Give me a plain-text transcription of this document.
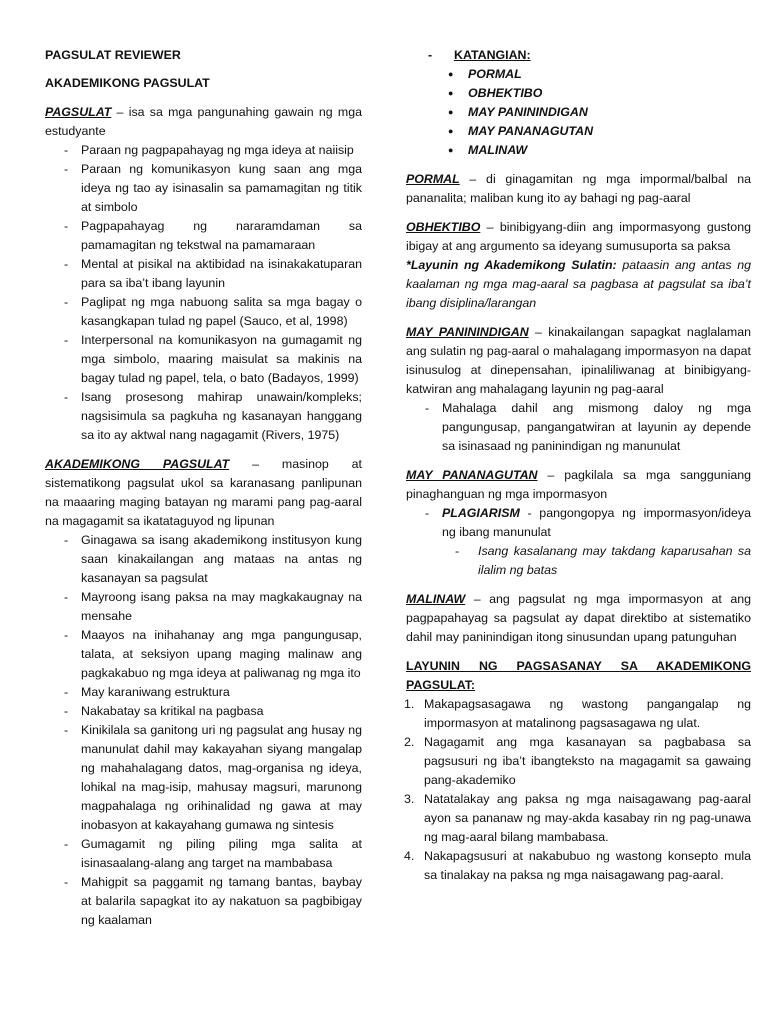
PAGSULAT REVIEWER

AKADEMIKONG PAGSULAT

PAGSULAT – isa sa mga pangunahing gawain ng mga estudyante

- Paraan ng pagpapahayag ng mga ideya at naiisip
- Paraan ng komunikasyon kung saan ang mga ideya ng tao ay isinasalin sa pamamagitan ng titik at simbolo
- Pagpapahayag ng nararamdaman sa pamamagitan ng tekstwal na pamamaraan
- Mental at pisikal na aktibidad na isinakakatuparan para sa iba’t ibang layunin
- Paglipat ng mga nabuong salita sa mga bagay o kasangkapan tulad ng papel (Sauco, et al, 1998)
- Interpersonal na komunikasyon na gumagamit ng mga simbolo, maaring maisulat sa makinis na bagay tulad ng papel, tela, o bato (Badayos, 1999)
- Isang prosesong mahirap unawain/kompleks; nagsisimula sa pagkuha ng kasanayan hanggang sa ito ay aktwal nang nagagamit (Rivers, 1975)

AKADEMIKONG PAGSULAT – masinop at sistematikong pagsulat ukol sa karanasang panlipunan na maaaring maging batayan ng marami pang pag-aaral na magagamit sa ikatataguyod ng lipunan

- Ginagawa sa isang akademikong institusyon kung saan kinakailangan ang mataas na antas ng kasanayan sa pagsulat
- Mayroong isang paksa na may magkakaugnay na mensahe
- Maayos na inihahanay ang mga pangungusap, talata, at seksiyon upang maging malinaw ang pagkakabuo ng mga ideya at paliwanag ng mga ito
- May karaniwang estruktura
- Nakabatay sa kritikal na pagbasa
- Kinikilala sa ganitong uri ng pagsulat ang husay ng manunulat dahil may kakayahan siyang mangalap ng mahahalagang datos, mag-organisa ng ideya, lohikal na mag-isip, mahusay magsuri, marunong magpahalaga ng orihinalidad ng gawa at may inobasyon at kakayahang gumawa ng sintesis
- Gumagamit ng piling piling mga salita at isinasaalang-alang ang target na mambabasa
- Mahigpit sa paggamit ng tamang bantas, baybay at balarila sapagkat ito ay nakatuon sa pagbibigay ng kaalaman

- KATANGIAN:

● PORMAL
● OBHEKTIBO
● MAY PANININDIGAN
● MAY PANANAGUTAN
● MALINAW

PORMAL – di ginagamitan ng mga impormal/balbal na pananalita; maliban kung ito ay bahagi ng pag-aaral

OBHEKTIBO – binibigyang-diin ang impormasyong gustong ibigay at ang argumento sa ideyang sumusuporta sa paksa

*Layunin ng Akademikong Sulatin: pataasin ang antas ng kaalaman ng mga mag-aaral sa pagbasa at pagsulat sa iba’t ibang disiplina/larangan

MAY PANININDIGAN – kinakailangan sapagkat naglalaman ang sulatin ng pag-aaral o mahalagang impormasyon na dapat isinusulog at dinepensahan, ipinaliliwanag at binibigyang-katwiran ang mahalagang layunin ng pag-aaral

- Mahalaga dahil ang mismong daloy ng mga pangungusap, pangangatwiran at layunin ay depende sa isinasaad ng paninindigan ng manunulat

MAY PANANAGUTAN – pagkilala sa mga sangguniang pinaghanguan ng mga impormasyon

- PLAGIARISM - pangongopya ng impormasyon/ideya ng ibang manunulat

- Isang kasalanang may takdang kaparusahan sa ilalim ng batas

MALINAW – ang pagsulat ng mga impormasyon at ang pagpapahayag sa pagsulat ay dapat direktibo at sistematiko dahil may paninindigan itong sinusundan upang patunguhan

LAYUNIN NG PAGSASANAY SA AKADEMIKONG PAGSULAT:

1. Makapagsasagawa ng wastong pangangalap ng impormasyon at matalinong pagsasagawa ng ulat.
2. Nagagamit ang mga kasanayan sa pagbabasa sa pagsusuri ng iba’t ibangteksto na magagamit sa gawaing pang-akademiko
3. Natatalakay ang paksa ng mga naisagawang pag-aaral ayon sa pananaw ng may-akda kasabay rin ng pag-unawa ng mag-aaral bilang mambabasa.
4. Nakapagsusuri at nakabubuo ng wastong konsepto mula sa tinalakay na paksa ng mga naisagawang pag-aaral.
